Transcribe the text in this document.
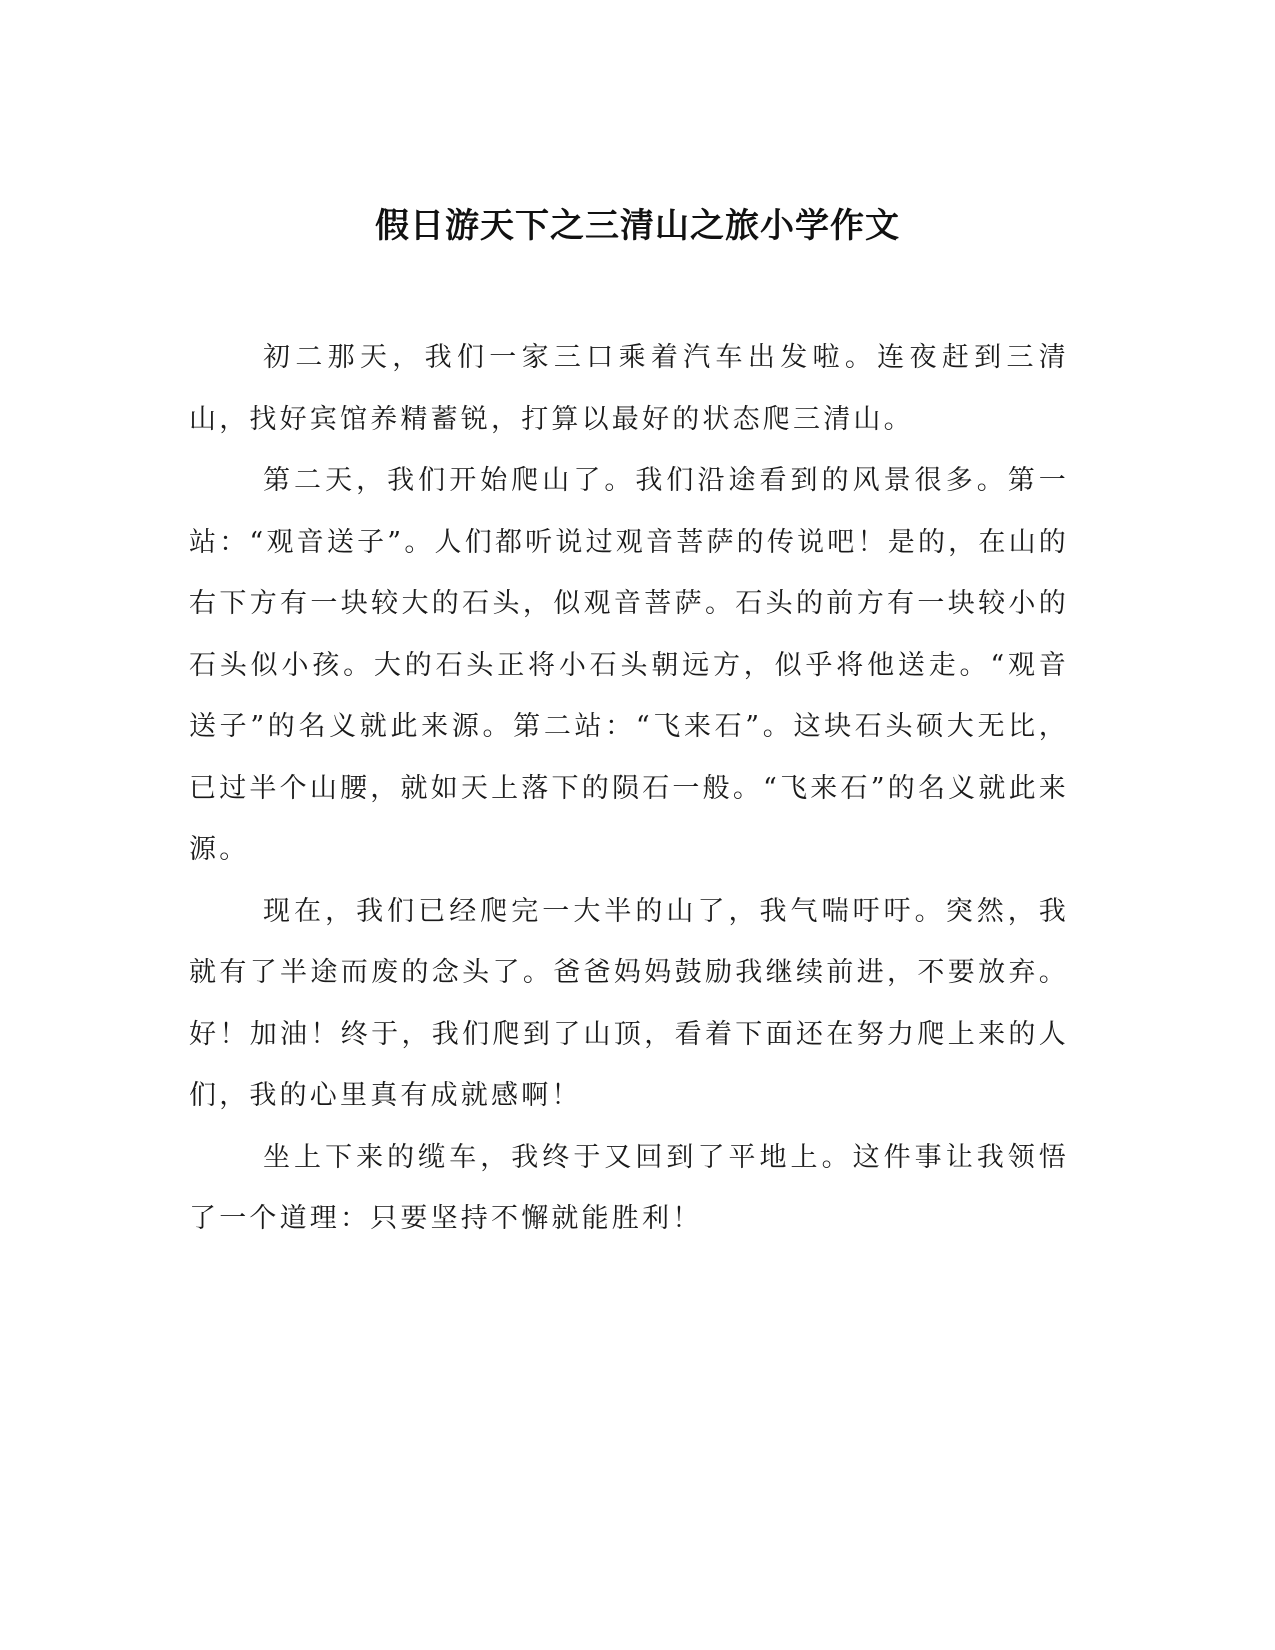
假日游天下之三清山之旅小学作文

初二那天，我们一家三口乘着汽车出发啦。连夜赶到三清山，找好宾馆养精蓄锐，打算以最好的状态爬三清山。

第二天，我们开始爬山了。我们沿途看到的风景很多。第一站：“观音送子”。人们都听说过观音菩萨的传说吧！是的，在山的右下方有一块较大的石头，似观音菩萨。石头的前方有一块较小的石头似小孩。大的石头正将小石头朝远方，似乎将他送走。“观音送子”的名义就此来源。第二站：“飞来石”。这块石头硕大无比，已过半个山腰，就如天上落下的陨石一般。“飞来石”的名义就此来源。

现在，我们已经爬完一大半的山了，我气喘吁吁。突然，我就有了半途而废的念头了。爸爸妈妈鼓励我继续前进，不要放弃。好！加油！终于，我们爬到了山顶，看着下面还在努力爬上来的人们，我的心里真有成就感啊！

坐上下来的缆车，我终于又回到了平地上。这件事让我领悟了一个道理：只要坚持不懈就能胜利！
